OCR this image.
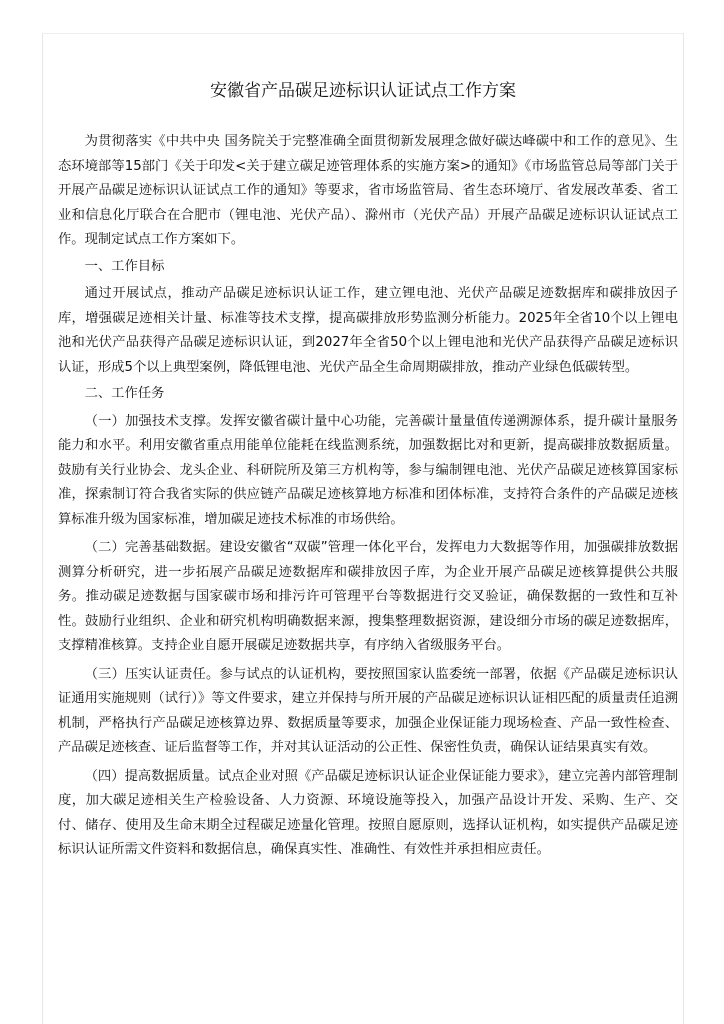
安徽省产品碳足迹标识认证试点工作方案

为贯彻落实《中共中央 国务院关于完整准确全面贯彻新发展理念做好碳达峰碳中和工作的意见》、生态环境部等15部门《关于印发<关于建立碳足迹管理体系的实施方案>的通知》《市场监管总局等部门关于开展产品碳足迹标识认证试点工作的通知》等要求，省市场监管局、省生态环境厅、省发展改革委、省工业和信息化厅联合在合肥市（锂电池、光伏产品）、滁州市（光伏产品）开展产品碳足迹标识认证试点工作。现制定试点工作方案如下。

一、工作目标

通过开展试点，推动产品碳足迹标识认证工作，建立锂电池、光伏产品碳足迹数据库和碳排放因子库，增强碳足迹相关计量、标准等技术支撑，提高碳排放形势监测分析能力。2025年全省10个以上锂电池和光伏产品获得产品碳足迹标识认证，到2027年全省50个以上锂电池和光伏产品获得产品碳足迹标识认证，形成5个以上典型案例，降低锂电池、光伏产品全生命周期碳排放，推动产业绿色低碳转型。

二、工作任务

（一）加强技术支撑。发挥安徽省碳计量中心功能，完善碳计量量值传递溯源体系，提升碳计量服务能力和水平。利用安徽省重点用能单位能耗在线监测系统，加强数据比对和更新，提高碳排放数据质量。鼓励有关行业协会、龙头企业、科研院所及第三方机构等，参与编制锂电池、光伏产品碳足迹核算国家标准，探索制订符合我省实际的供应链产品碳足迹核算地方标准和团体标准，支持符合条件的产品碳足迹核算标准升级为国家标准，增加碳足迹技术标准的市场供给。

（二）完善基础数据。建设安徽省“双碳”管理一体化平台，发挥电力大数据等作用，加强碳排放数据测算分析研究，进一步拓展产品碳足迹数据库和碳排放因子库，为企业开展产品碳足迹核算提供公共服务。推动碳足迹数据与国家碳市场和排污许可管理平台等数据进行交叉验证，确保数据的一致性和互补性。鼓励行业组织、企业和研究机构明确数据来源，搜集整理数据资源，建设细分市场的碳足迹数据库，支撑精准核算。支持企业自愿开展碳足迹数据共享，有序纳入省级服务平台。

（三）压实认证责任。参与试点的认证机构，要按照国家认监委统一部署，依据《产品碳足迹标识认证通用实施规则（试行）》等文件要求，建立并保持与所开展的产品碳足迹标识认证相匹配的质量责任追溯机制，严格执行产品碳足迹核算边界、数据质量等要求，加强企业保证能力现场检查、产品一致性检查、产品碳足迹核查、证后监督等工作，并对其认证活动的公正性、保密性负责，确保认证结果真实有效。

（四）提高数据质量。试点企业对照《产品碳足迹标识认证企业保证能力要求》，建立完善内部管理制度，加大碳足迹相关生产检验设备、人力资源、环境设施等投入，加强产品设计开发、采购、生产、交付、储存、使用及生命末期全过程碳足迹量化管理。按照自愿原则，选择认证机构，如实提供产品碳足迹标识认证所需文件资料和数据信息，确保真实性、准确性、有效性并承担相应责任。
